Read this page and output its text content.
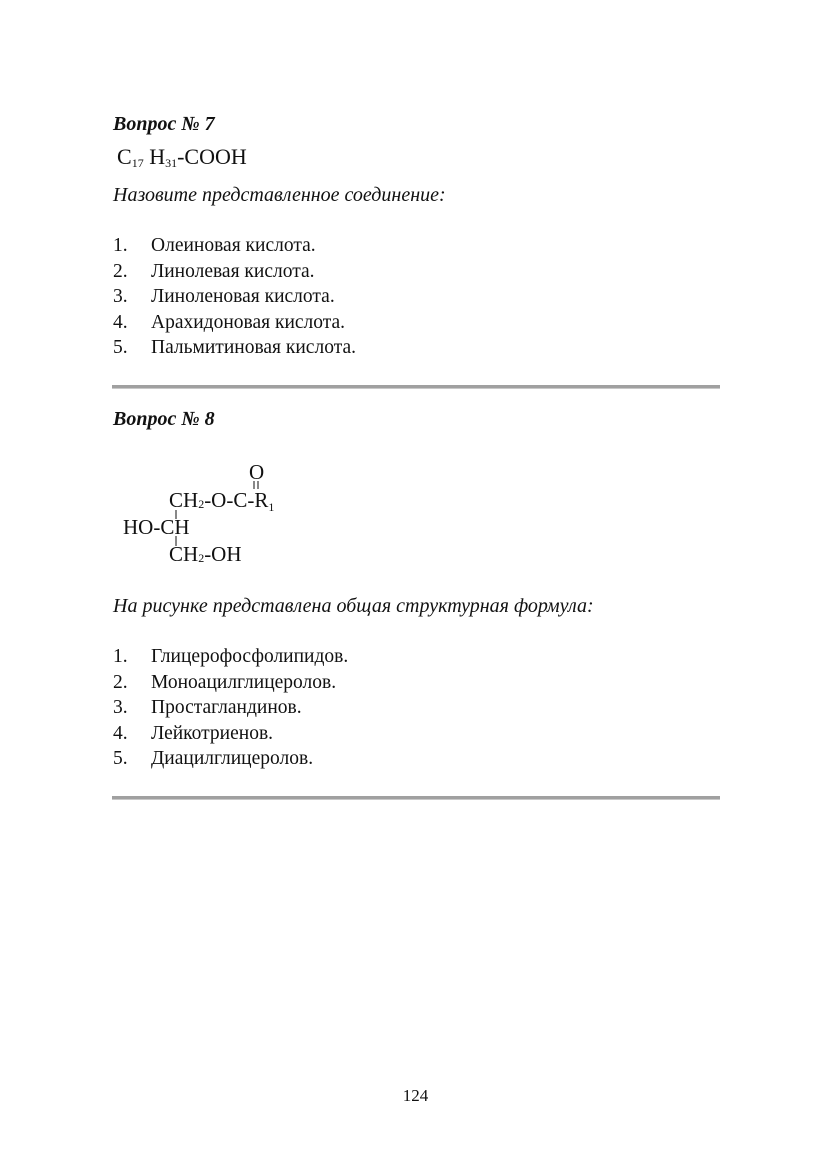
Вопрос № 7
$C_{17}$ $H_{31}$-COOH

Назовите представленное соединение:

1. Олеиновая кислота.
2. Линолевая кислота.
3. Линоленовая кислота.
4. Арахидоновая кислота.
5. Пальмитиновая кислота.
Вопрос № 8
O
CH2-O-C-R1
HO-CH
CH2-OH

На рисунке представлена общая структурная формула:

1. Глицерофосфолипидов.
2. Моноацилглицеролов.
3. Простагландинов.
4. Лейкотриенов.
5. Диацилглицеролов.
124
